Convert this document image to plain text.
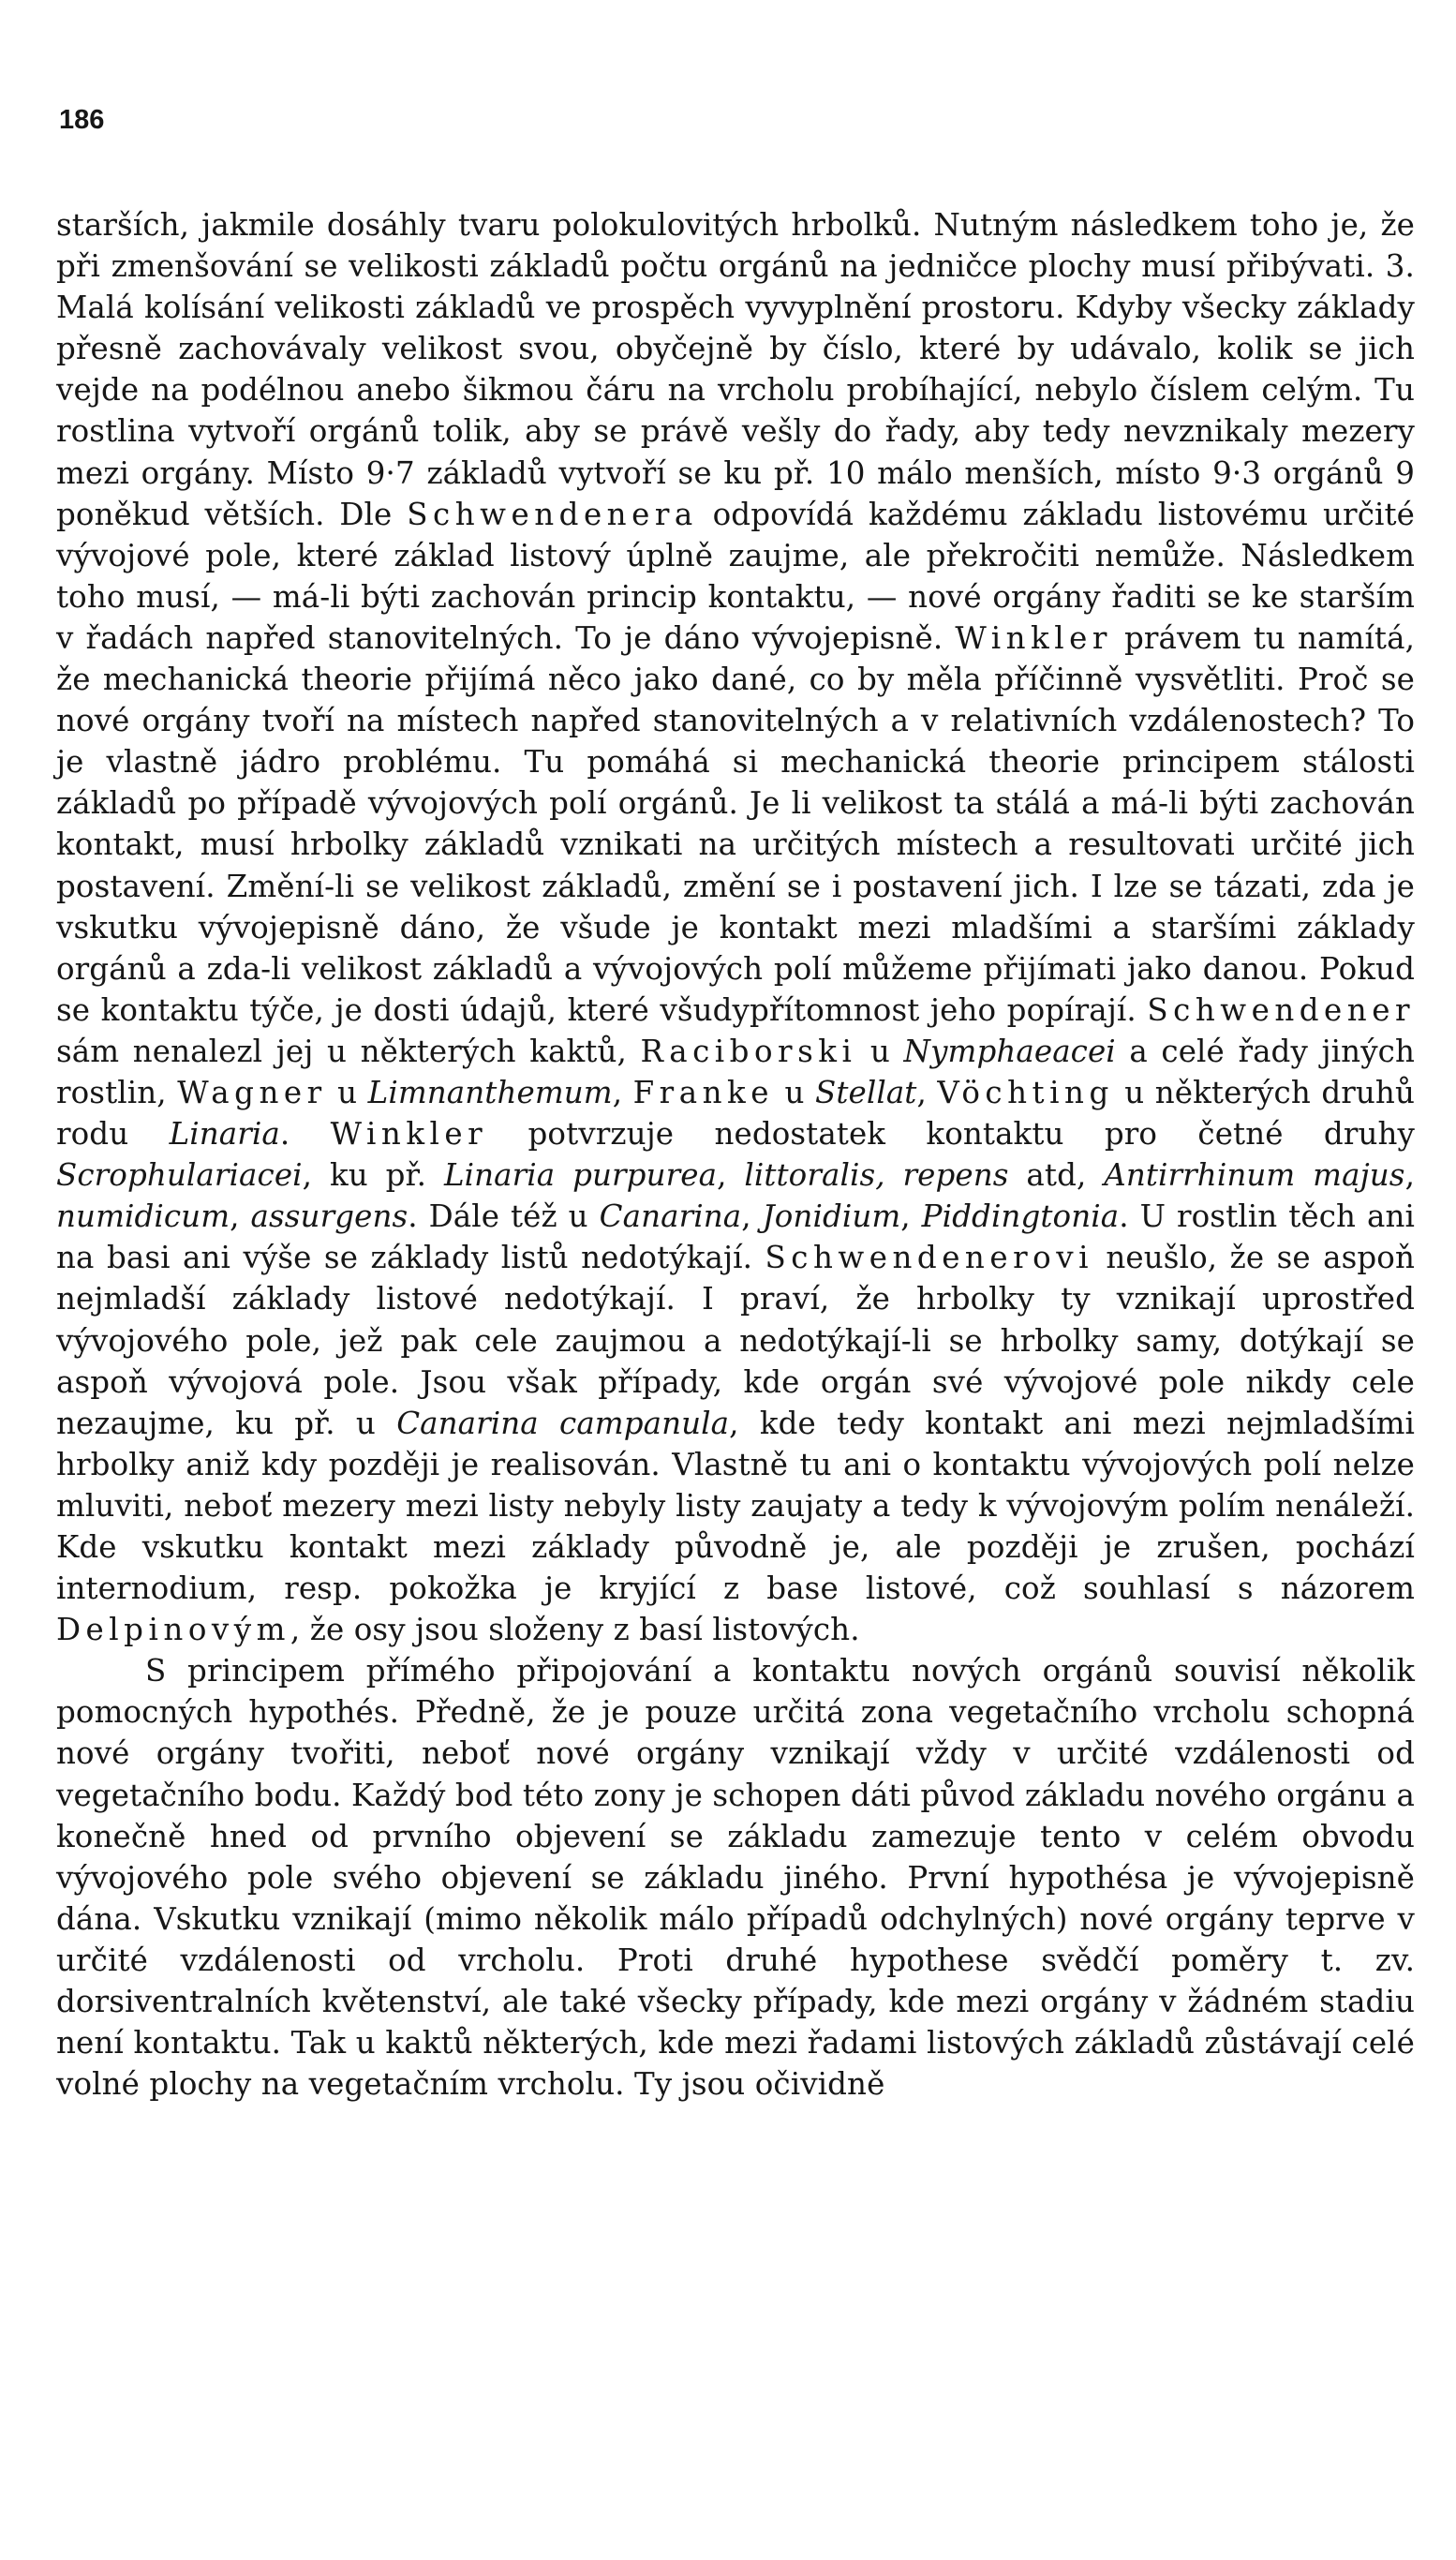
186

starších, jakmile dosáhly tvaru polokulovitých hrbolků. Nutným následkem toho je, že při zmenšování se velikosti základů počtu orgánů na jedničce plochy musí přibývati. 3. Malá kolísání velikosti základů ve prospěch vyvyplnění prostoru. Kdyby všecky základy přesně zachovávaly velikost svou, obyčejně by číslo, které by udávalo, kolik se jich vejde na podélnou anebo šikmou čáru na vrcholu probíhající, nebylo číslem celým. Tu rostlina vytvoří orgánů tolik, aby se právě vešly do řady, aby tedy nevznikaly mezery mezi orgány. Místo 9·7 základů vytvoří se ku př. 10 málo menších, místo 9·3 orgánů 9 poněkud větších. Dle Schwendenera odpovídá každému základu listovému určité vývojové pole, které základ listový úplně zaujme, ale překročiti nemůže. Následkem toho musí, — má-li býti zachován princip kontaktu, — nové orgány řaditi se ke starším v řadách napřed stanovitelných. To je dáno vývojepisně. Winkler právem tu namítá, že mechanická theorie přijímá něco jako dané, co by měla příčinně vysvětliti. Proč se nové orgány tvoří na místech napřed stanovitelných a v relativních vzdálenostech? To je vlastně jádro problému. Tu pomáhá si mechanická theorie principem stálosti základů po případě vývojových polí orgánů. Je li velikost ta stálá a má-li býti zachován kontakt, musí hrbolky základů vznikati na určitých místech a resultovati určité jich postavení. Změní-li se velikost základů, změní se i postavení jich. I lze se tázati, zda je vskutku vývojepisně dáno, že všude je kontakt mezi mladšími a staršími základy orgánů a zda-li velikost základů a vývojových polí můžeme přijímati jako danou. Pokud se kontaktu týče, je dosti údajů, které všudypřítomnost jeho popírají. Schwendener sám nenalezl jej u některých kaktů, Raciborski u Nymphaeacei a celé řady jiných rostlin, Wagner u Limnanthemum, Franke u Stellat, Vöchting u některých druhů rodu Linaria. Winkler potvrzuje nedostatek kontaktu pro četné druhy Scrophulariacei, ku př. Linaria purpurea, littoralis, repens atd, Antirrhinum majus, numidicum, assurgens. Dále též u Canarina, Jonidium, Piddingtonia. U rostlin těch ani na basi ani výše se základy listů nedotýkají. Schwendenerovi neušlo, že se aspoň nejmladší základy listové nedotýkají. I praví, že hrbolky ty vznikají uprostřed vývojového pole, jež pak cele zaujmou a nedotýkají-li se hrbolky samy, dotýkají se aspoň vývojová pole. Jsou však případy, kde orgán své vývojové pole nikdy cele nezaujme, ku př. u Canarina campanula, kde tedy kontakt ani mezi nejmladšími hrbolky aniž kdy později je realisován. Vlastně tu ani o kontaktu vývojových polí nelze mluviti, neboť mezery mezi listy nebyly listy zaujaty a tedy k vývojovým polím nenáleží. Kde vskutku kontakt mezi základy původně je, ale později je zrušen, pochází internodium, resp. pokožka je kryjící z base listové, což souhlasí s názorem Delpinovým, že osy jsou složeny z basí listových.

S principem přímého připojování a kontaktu nových orgánů souvisí několik pomocných hypothés. Předně, že je pouze určitá zona vegetačního vrcholu schopná nové orgány tvořiti, neboť nové orgány vznikají vždy v určité vzdálenosti od vegetačního bodu. Každý bod této zony je schopen dáti původ základu nového orgánu a konečně hned od prvního objevení se základu zamezuje tento v celém obvodu vývojového pole svého objevení se základu jiného. První hypothésa je vývojepisně dána. Vskutku vznikají (mimo několik málo případů odchylných) nové orgány teprve v určité vzdálenosti od vrcholu. Proti druhé hypothese svědčí poměry t. zv. dorsiventralních květenství, ale také všecky případy, kde mezi orgány v žádném stadiu není kontaktu. Tak u kaktů některých, kde mezi řadami listových základů zůstávají celé volné plochy na vegetačním vrcholu. Ty jsou očividně
